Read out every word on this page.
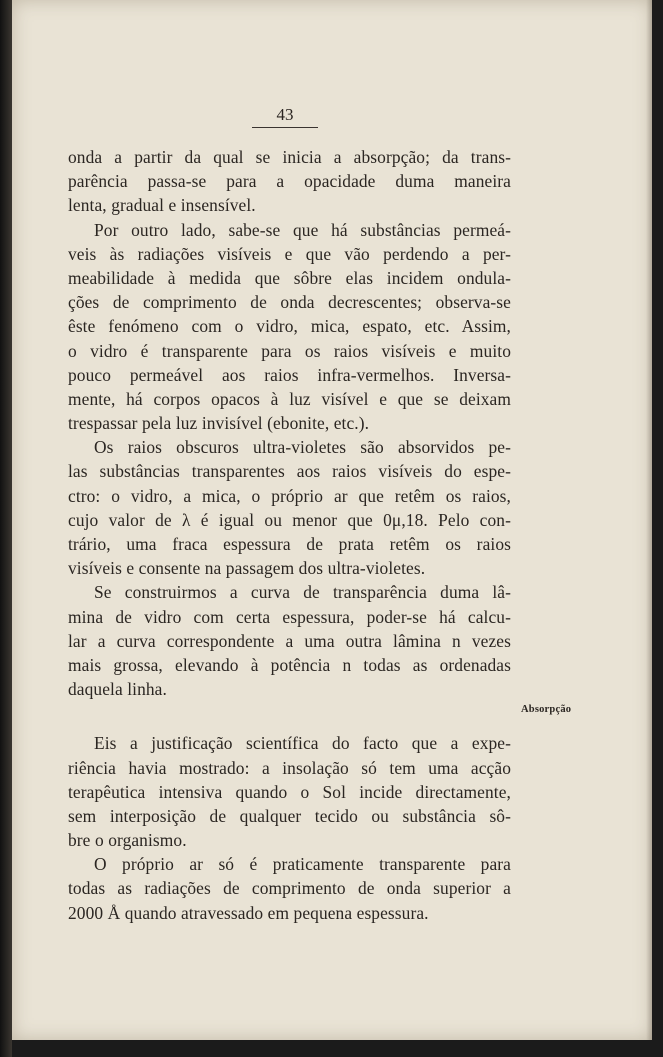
43
onda a partir da qual se inicia a absorpção; da trans-
parência passa-se para a opacidade duma maneira
lenta, gradual e insensível.
Por outro lado, sabe-se que há substâncias permeá-
veis às radiações visíveis e que vão perdendo a per-
meabilidade à medida que sôbre elas incidem ondula-
ções de comprimento de onda decrescentes; observa-se
êste fenómeno com o vidro, mica, espato, etc. Assim,
o vidro é transparente para os raios visíveis e muito
pouco permeável aos raios infra-vermelhos. Inversa-
mente, há corpos opacos à luz visível e que se deixam
trespassar pela luz invisível (ebonite, etc.).
Os raios obscuros ultra-violetes são absorvidos pe-
las substâncias transparentes aos raios visíveis do espe-
ctro: o vidro, a mica, o próprio ar que retêm os raios,
cujo valor de λ é igual ou menor que 0μ,18. Pelo con-
trário, uma fraca espessura de prata retêm os raios
visíveis e consente na passagem dos ultra-violetes.
Se construirmos a curva de transparência duma lâ-
mina de vidro com certa espessura, poder-se há calcu-
lar a curva correspondente a uma outra lâmina n vezes
mais grossa, elevando à potência n todas as ordenadas
daquela linha.
Eis a justificação scientífica do facto que a expe-
riência havia mostrado: a insolação só tem uma acção
terapêutica intensiva quando o Sol incide directamente,
sem interposição de qualquer tecido ou substância sô-
bre o organismo.
O próprio ar só é praticamente transparente para
todas as radiações de comprimento de onda superior a
2000 Å quando atravessado em pequena espessura.
Absorpção
